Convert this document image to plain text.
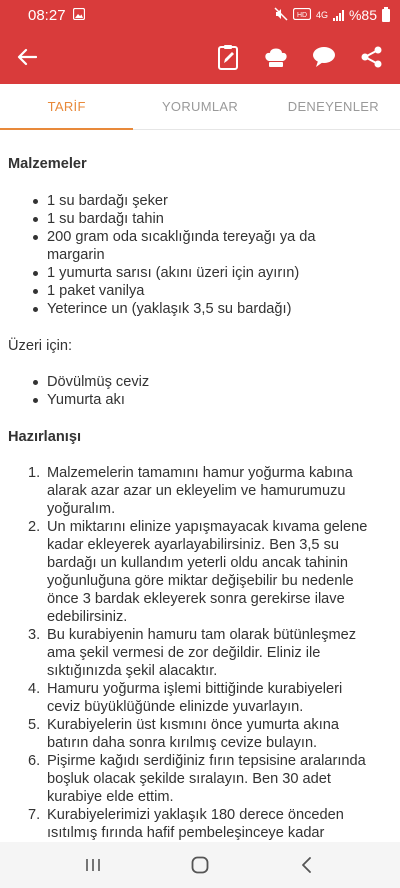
08:27	HD 4G %85
TARİF	YORUMLAR	DENEYENLER
Malzemeler
1 su bardağı şeker
1 su bardağı tahin
200 gram oda sıcaklığında tereyağı ya da margarin
1 yumurta sarısı (akını üzeri için ayırın)
1 paket vanilya
Yeterince un (yaklaşık 3,5 su bardağı)
Üzeri için:
Dövülmüş ceviz
Yumurta akı
Hazırlanışı
1. Malzemelerin tamamını hamur yoğurma kabına
alarak azar azar un ekleyelim ve hamurumuzu
yoğuralım.
2. Un miktarını elinize yapışmayacak kıvama gelene
kadar ekleyerek ayarlayabilirsiniz. Ben 3,5 su
bardağı un kullandım yeterli oldu ancak tahinin
yoğunluğuna göre miktar değişebilir bu nedenle
önce 3 bardak ekleyerek sonra gerekirse ilave
edebilirsiniz.
3. Bu kurabiyenin hamuru tam olarak bütünleşmez
ama şekil vermesi de zor değildir. Eliniz ile
sıktığınızda şekil alacaktır.
4. Hamuru yoğurma işlemi bittiğinde kurabiyeleri
ceviz büyüklüğünde elinizde yuvarlayın.
5. Kurabiyelerin üst kısmını önce yumurta akına
batırın daha sonra kırılmış cevize bulayın.
6. Pişirme kağıdı serdiğiniz fırın tepsisine aralarında
boşluk olacak şekilde sıralayın. Ben 30 adet
kurabiye elde ettim.
7. Kurabiyelerimizi yaklaşık 180 derece önceden
ısıtılmış fırında hafif pembeleşinceye kadar
